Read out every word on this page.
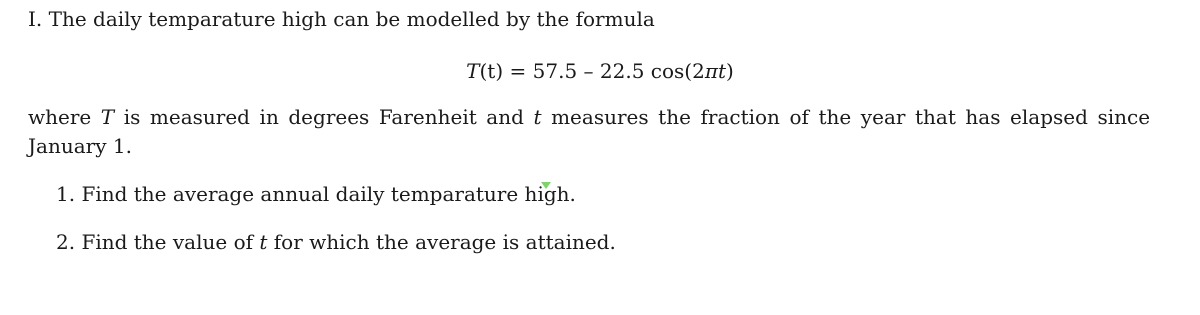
I. The daily temparature high can be modelled by the formula
T(t) = 57.5 – 22.5 cos(2πt)
where T is measured in degrees Farenheit and t measures the fraction of the year that has elapsed since
January 1.
1. Find the average annual daily temparature high.
2. Find the value of t for which the average is attained.
